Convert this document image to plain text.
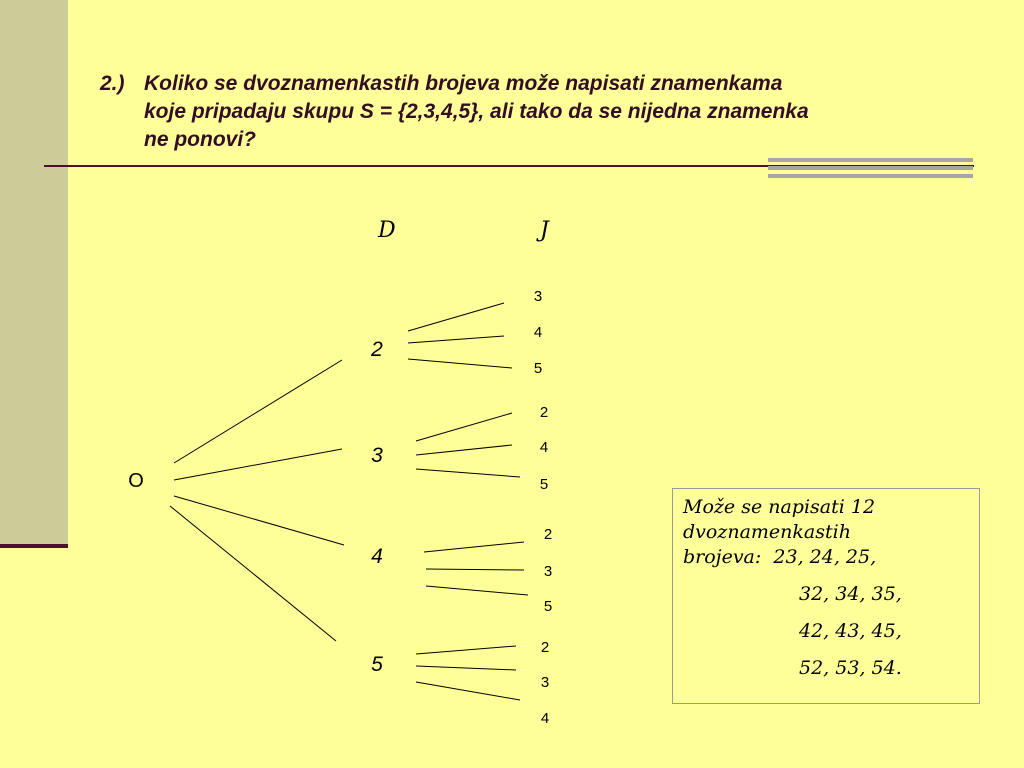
2.) Koliko se dvoznamenkastih brojeva može napisati znamenkama
koje pripadaju skupu S = {2,3,4,5}, ali tako da se nijedna znamenka
ne ponovi?
D	J
O
2
3
4
5
3
2
4
5
4
2
3
5
5
2
3
4
Može se napisati 12
dvoznamenkastih
brojeva: 23, 24, 25,
32, 34, 35,
42, 43, 45,
52, 53, 54.
